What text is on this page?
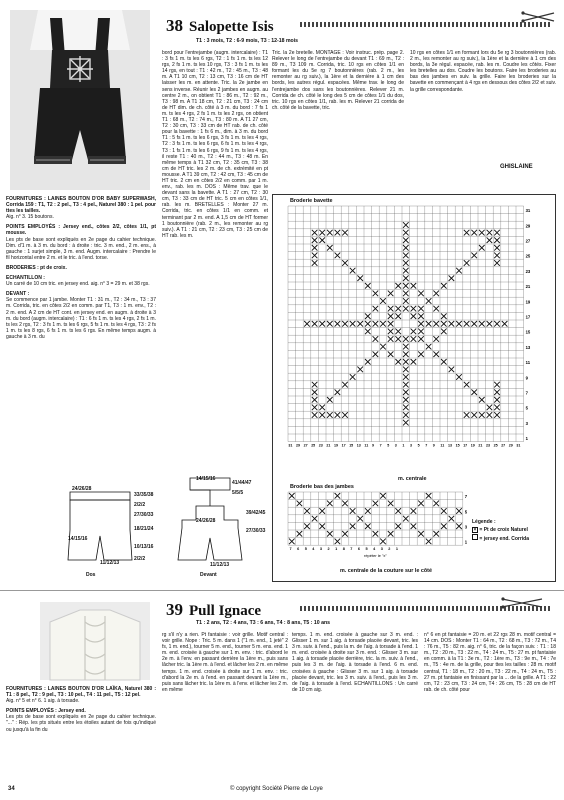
38 Salopette Isis
T1 : 3 mois, T2 : 6-9 mois, T3 : 12-18 mois

FOURNITURES : LAINES BOUTON D'OR BABY SUPERWASH, Corrida 159 : T1, T2 : 2 pel., T3 : 4 pel., Naturel 380 : 1 pel. pour ttes les tailles.
Aig. n° 3. 15 boutons.

POINTS EMPLOYÉS : Jersey end., côtes 2/2, côtes 1/1, pt mousse.
Les pts de base sont expliqués en 2e page du cahier technique. Dim. d'1 m. à 3 m. du bord : à droite : tric. 3 m. end., 2 m. ens., à gauche : 1 surjet simple, 3 m. end. Augm. intercalaire : Prendre le fil horizontal entre 2 m. et le tric. à l'end. torse.

BRODERIES : pt de croix.

ECHANTILLON :
Un carré de 10 cm tric. en jersey end. aig. n° 3 = 29 m. et 38 rgs.

DEVANT :
Se commence par 1 jambe. Monter T1 : 31 m., T2 : 34 m., T3 : 37 m. Corrida, tric. en côtes 2/2 en comm. par T1, T3 : 1 m. env., T2 : 2 m. end. A 2 cm de HT cont. en jersey end. en augm. à droite à 3 m. du bord (augm. intercalaire) : T1 : 6 fs 1 m. ts les 4 rgs, 2 fs 1 m. ts les 2 rgs, T2 : 3 fs 1 m. ts les 6 rgs, 5 fs 1 m. ts les 4 rgs, T3 : 2 fs 1 m. ts les 8 rgs, 6 fs 1 m. ts les 6 rgs. En même temps augm. à gauche à 3 m. du

bord pour l'entrejambe (augm. intercalaire) : T1 : 3 fs 1 m. ts les 6 rgs, T2 : 1 fs 1 m. ts les 12 rgs, 2 fs 1 m. ts les 10 rgs, T3 : 3 fs 1 m. ts les 14 rgs, en tout : T1 : 42 m., T2 : 45 m., T3 : 48 m. A T1 10 cm, T2 : 13 cm, T3 : 16 cm de HT laisser les m. en attente. Tric. la 2e jambe en sens inverse. Réunir les 2 jambes en augm. au centre 2 m., on obtient T1 : 86 m., T2 : 92 m., T3 : 98 m. A T1 18 cm, T2 : 21 cm, T3 : 24 cm de HT dim. de ch. côté à 3 m. du bord : 7 fs 1 m. ts les 4 rgs, 2 fs 1 m. ts les 2 rgs, on obtient T1 : 68 m., T2 : 74 m., T3 : 80 m. A T1 27 cm, T2 : 30 cm, T3 : 33 cm de HT rab. de ch. côté pour la bavette : 1 fs 6 m., dim. à 3 m. du bord T1 : 5 fs 1 m. ts les 6 rgs, 3 fs 1 m. ts les 4 rgs, T2 : 3 fs 1 m. ts les 6 rgs, 6 fs 1 m. ts les 4 rgs, T3 : 1 fs 1 m. ts les 6 rgs, 9 fs 1 m. ts les 4 rgs, il reste T1 : 40 m., T2 : 44 m., T3 : 48 m. En même temps à T1 32 cm, T2 : 35 cm, T3 : 38 cm de HT tric. les 2 m. de ch. extrémité en pt mousse. A T1 39 cm, T2 : 42 cm, T3 : 45 cm de HT tric. 2 cm en côtes 2/2 en comm. par 1 m. env., rab. les m. DOS : Même trav. que le devant sans la bavette. A T1 : 27 cm, T2 : 30 cm, T3 : 33 cm de HT tric. 5 cm en côtes 1/1, rab. les m. BRETELLES : Monter 27 m. Corrida, tric. en côtes 1/1 en comm. et terminant par 2 m. end. A 1,5 cm de HT former 1 boutonnière (rab. 2 m., les remonter au rg suiv.). A T1 : 21 cm, T2 : 23 cm, T3 : 25 cm de HT rab. les m.

Tric. la 2e bretelle. MONTAGE : Voir instruc. prép. page 2. Relever le long de l'entrejambe du devant T1 : 69 m., T2 : 89 m., T3 109 m. Corrida, tric. 10 rgs en côtes 1/1 en formant les du 5e rg 7 boutonnières (rab. 2 m., les remonter au rg suiv.), la 1ère et la dernière à 1 cm des bords, les autres régul. espacées. Même trav. le long de l'entrejambe dos sans les boutonnières. Relever 21 m. Corrida de ch. côté le long des 5 cm de côtes 1/1 du dos, tric. 10 rgs en côtes 1/1, rab. les m. Relever 21 corrida de ch. côté de la bavette, tric.

10 rgs en côtes 1/1 en formant lors du 5e rg 3 boutonnières (rab. 2 m., les remonter au rg suiv.), la 1ère et la dernière à 1 cm des bords, la 3e régul. espacée, rab. les m. Coudre les côtés. Fixer les bretelles au dos. Coudre les boutons. Faire les broderies au bas des jambes en suiv. la grille. Faire les broderies sur la bavette en commençant à 4 rgs en dessous des côtes 2/2 et suiv. la grille correspondante.

GHISLAINE
Broderie bavette
31
29
27
25
23
21
19
17
15
13
11
9
7
5
3
1
31 29 27 25 23 21 19 17 15 13 11 9 7 5 3 1 3 5 7 9 11 13 15 17 19 21 23 25 27 29 31
m. centrale
Broderie bas des jambes
7
5
3
1
7 6 5 4 3 2 1 8 7 6 5 4 3 2 1
répéter le "x"
m. centrale de la couture sur le côté
Légende :
× = Pt de croix Naturel
= jersey end. Corrida
Dos	Devant
24/26/28
33/35/38
2/2/2
27/30/33
18/21/24
14/15/16
10/13/16
11/12/13
2/2/2
14/15/16
41/44/47
5/5/5
39/42/45
27/30/33
24/26/28
11/12/13
39 Pull Ignace
T1 : 2 ans, T2 : 4 ans, T3 : 6 ans, T4 : 8 ans, T5 : 10 ans

FOURNITURES : LAINES BOUTON D'OR LAÏKA, Naturel 380 : T1 : 8 pel., T2 : 9 pel., T3 : 10 pel., T4 : 11 pel., T5 : 12 pel.
Aig. n° 5 et n° 6. 1 aig. à torsade.

POINTS EMPLOYÉS : Jersey end.
Les pts de base sont expliqués en 2e page du cahier technique. "..." : Rép. les pts situés entre les étoiles autant de fois qu'indiqué ou jusqu'à la fin du

rg s'il n'y a rien. Pt fantaisie : voir grille. Motif central : voir grille. Nope : Tric. 5 m. dans 1 ("1 m. end., 1 jeté" 2 fs, 1 m. end.), tourner 5 m. end., tourner 5 m. ens. end. 1 m. end. croisée à gauche sur 1 m. env. : tric. d'abord le 2e m. à l'env. en passant derrière la 1ère m., puis sans lâcher tric. la 1ère m. à l'end. et lâcher les 2 m. en même temps. 1 m. end. croisée à droite sur 1 m. env. : tric. d'abord la 2e m. à l'end. en passant devant la 1ère m., puis sans lâcher tric. la 1ère m. à l'env. et lâcher les 2 m. en même

temps. 1 m. end. croisée à gauche sur 3 m. end. : Glisser 1 m. sur 1 aig. à torsade placée devant, tric. les 3 m. suiv. à l'end., puis la m. de l'aig. à torsade à l'end. 1 m. end. croisée à droite sur 3 m. end. : Glisser 3 m. sur 1 aig. à torsade placée derrière, tric. la m. suiv. à l'end., puis les 3 m. de l'aig. à torsade à l'end. 6 m. end. croisées à gauche : Glisser 3 m. sur 1 aig. à torsade placée devant, tric. les 3 m. suiv. à l'end., puis les 3 m. de l'aig. à torsade à l'end. ECHANTILLONS : Un carré de 10 cm aig.

n° 6 en pt fantaisie = 20 m. et 22 rgs 28 m. motif central = 14 cm. DOS : Monter T1 : 64 m., T2 : 68 m., T3 : 72 m., T4 : 76 m., T5 : 82 m. aig. n° 6, tric. de la façon suiv. : T1 : 18 m., T2 : 20 m., T3 : 22 m., T4 : 24 m., T5 : 27 m. pt fantaisie en comm. à la T1 : 3e m., T2 : 1ère m., T3 : 9e m., T4 : 7e m., T5 : 4e m. de la grille, pour ttes les tailles : 28 m. motif central, T1 : 18 m., T2 : 20 m., T3 : 22 m., T4 : 24 m., T5 : 27 m. pt fantaisie en finissant par la ... de la grille. A T1 : 22 cm, T2 : 23 cm, T3 : 24 cm, T4 : 26 cm, T5 : 28 cm de HT rab. de ch. côté pour

34	© copyright Société Pierre de Loye
